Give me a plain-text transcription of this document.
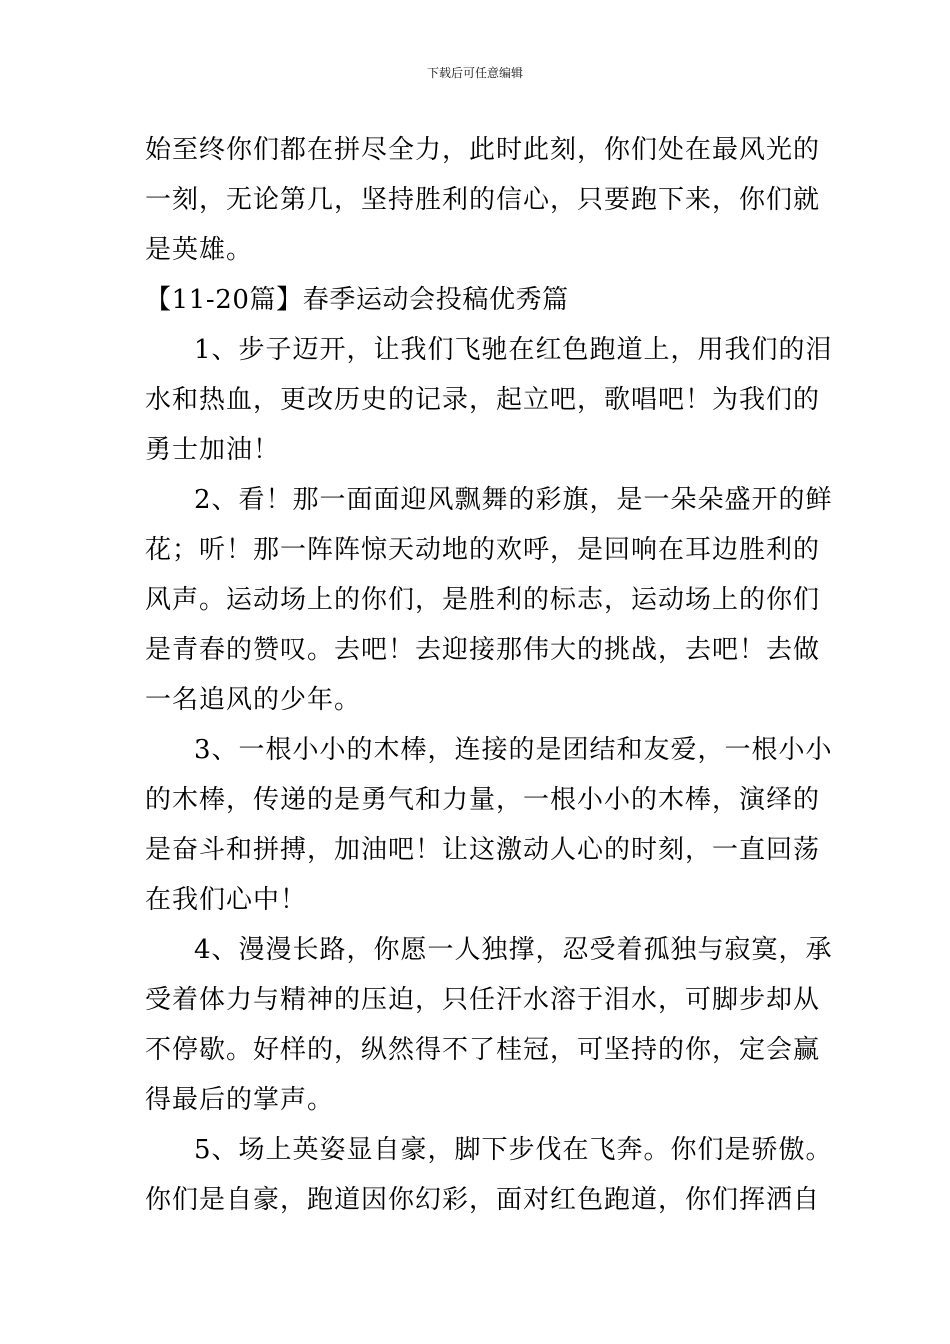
下载后可任意编辑
始至终你们都在拼尽全力，此时此刻，你们处在最风光的
一刻，无论第几，坚持胜利的信心，只要跑下来，你们就
是英雄。
【11-20篇】春季运动会投稿优秀篇
1、步子迈开，让我们飞驰在红色跑道上，用我们的泪
水和热血，更改历史的记录，起立吧，歌唱吧！为我们的
勇士加油！
2、看！那一面面迎风飘舞的彩旗，是一朵朵盛开的鲜
花；听！那一阵阵惊天动地的欢呼，是回响在耳边胜利的
风声。运动场上的你们，是胜利的标志，运动场上的你们
是青春的赞叹。去吧！去迎接那伟大的挑战，去吧！去做
一名追风的少年。
3、一根小小的木棒，连接的是团结和友爱，一根小小
的木棒，传递的是勇气和力量，一根小小的木棒，演绎的
是奋斗和拼搏，加油吧！让这激动人心的时刻，一直回荡
在我们心中！
4、漫漫长路，你愿一人独撑，忍受着孤独与寂寞，承
受着体力与精神的压迫，只任汗水溶于泪水，可脚步却从
不停歇。好样的，纵然得不了桂冠，可坚持的你，定会赢
得最后的掌声。
5、场上英姿显自豪，脚下步伐在飞奔。你们是骄傲。
你们是自豪，跑道因你幻彩，面对红色跑道，你们挥洒自
